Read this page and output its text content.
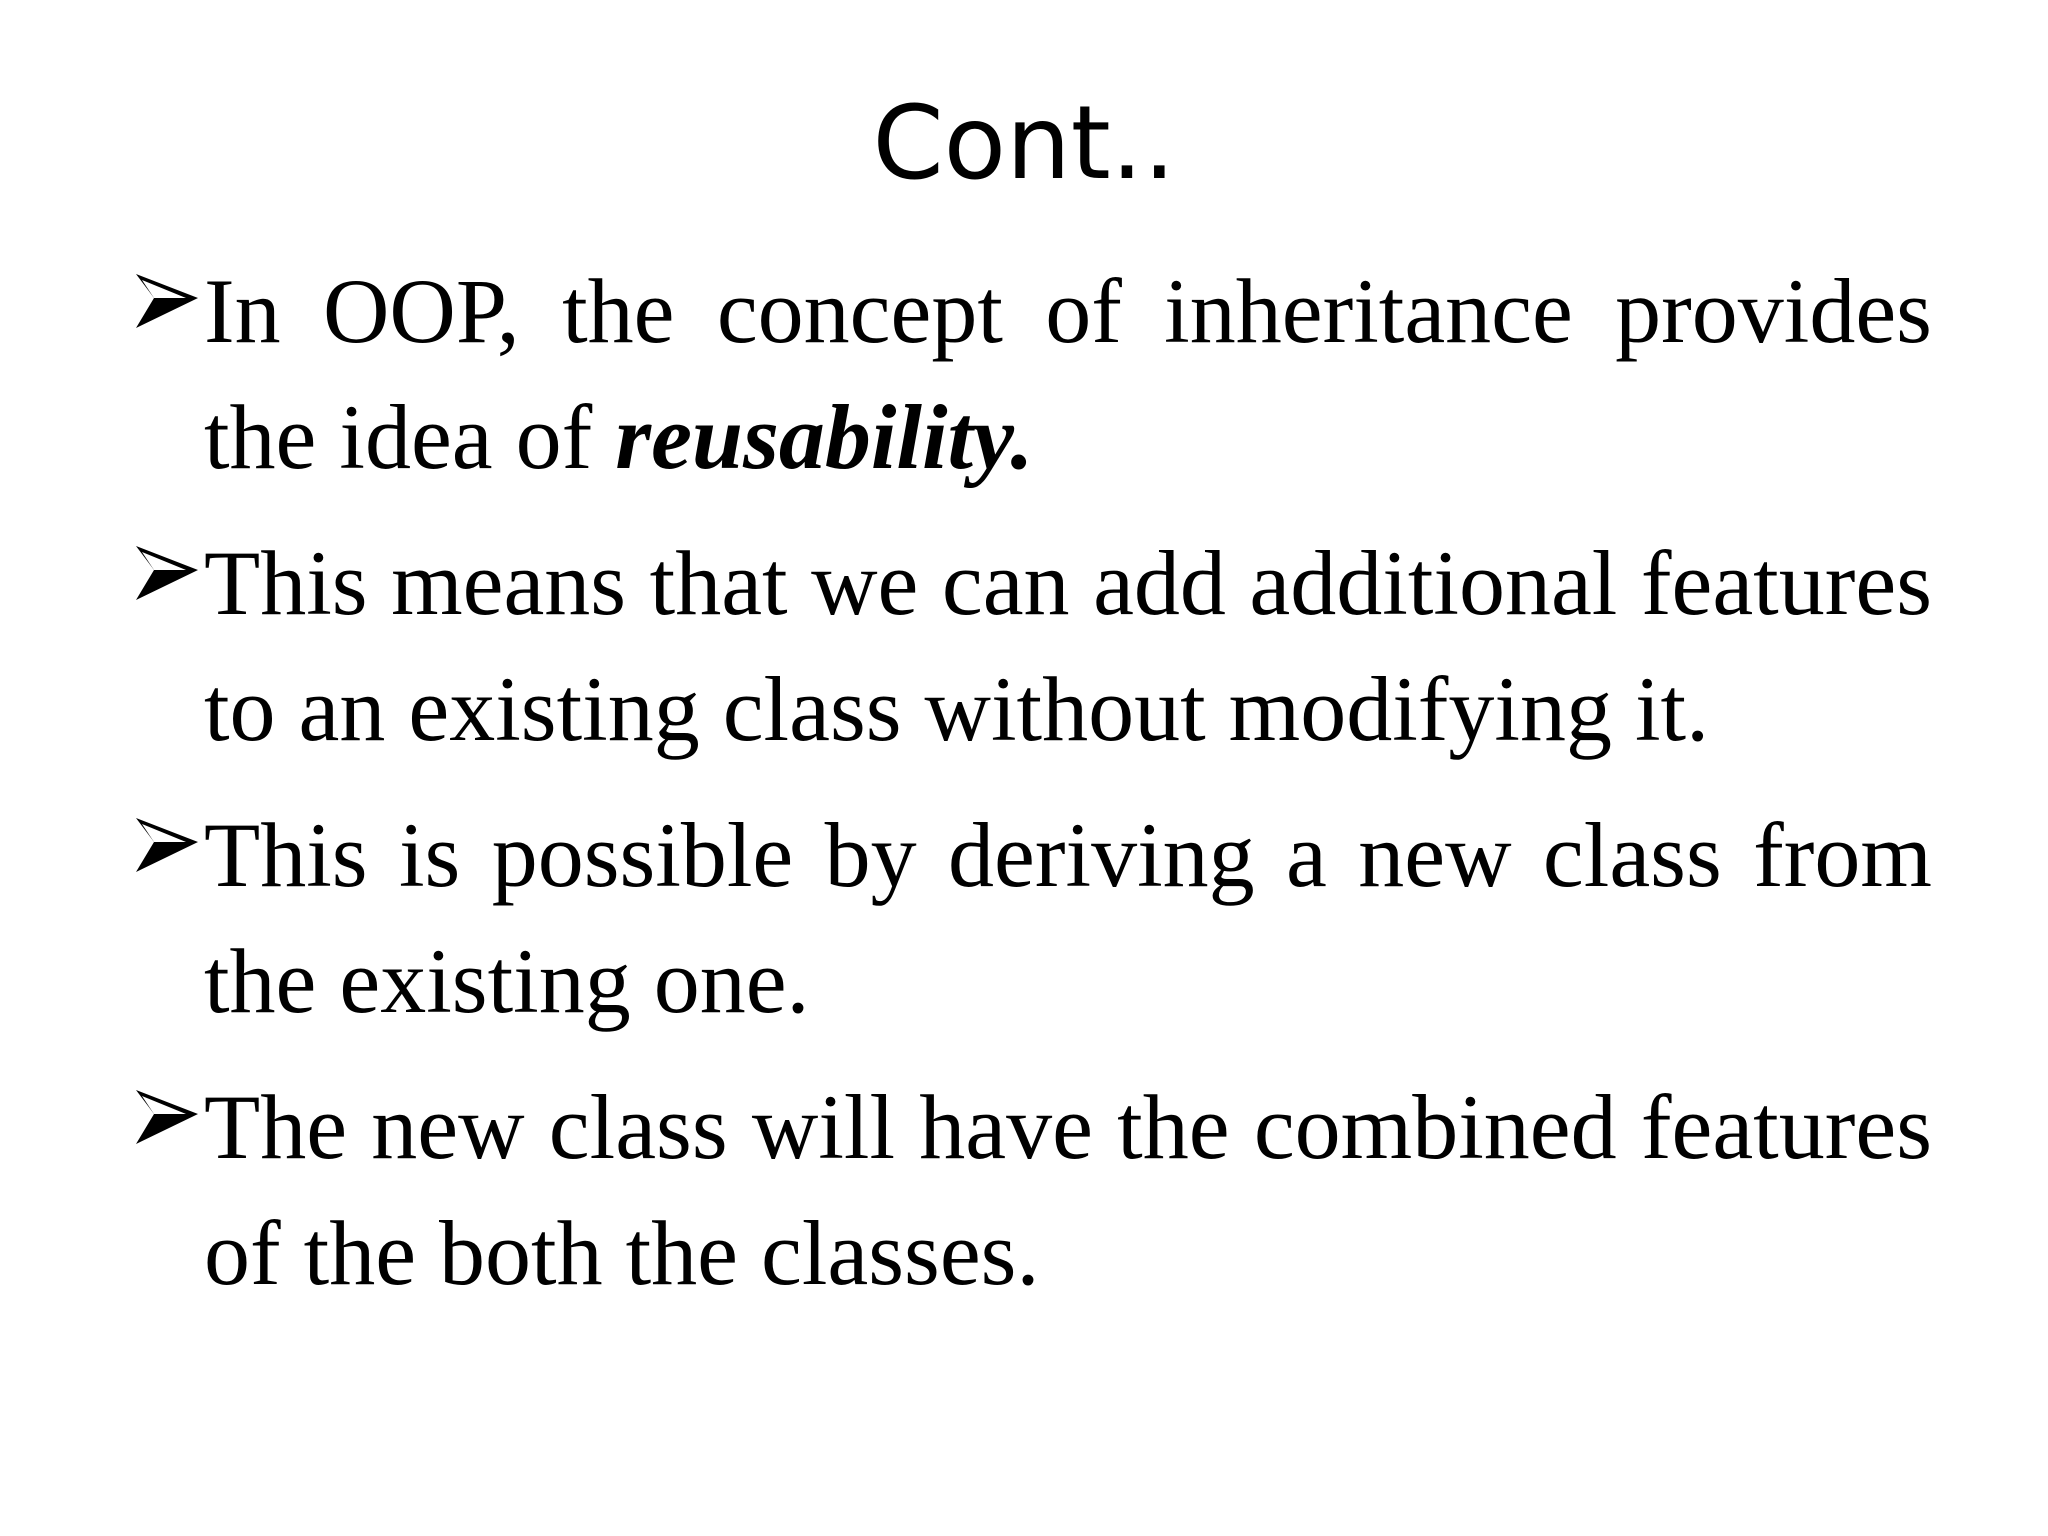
Cont..
In OOP, the concept of inheritance provides the idea of reusability.
This means that we can add additional features to an existing class without modifying it.
This is possible by deriving a new class from the existing one.
The new class will have the combined features of the both the classes.
